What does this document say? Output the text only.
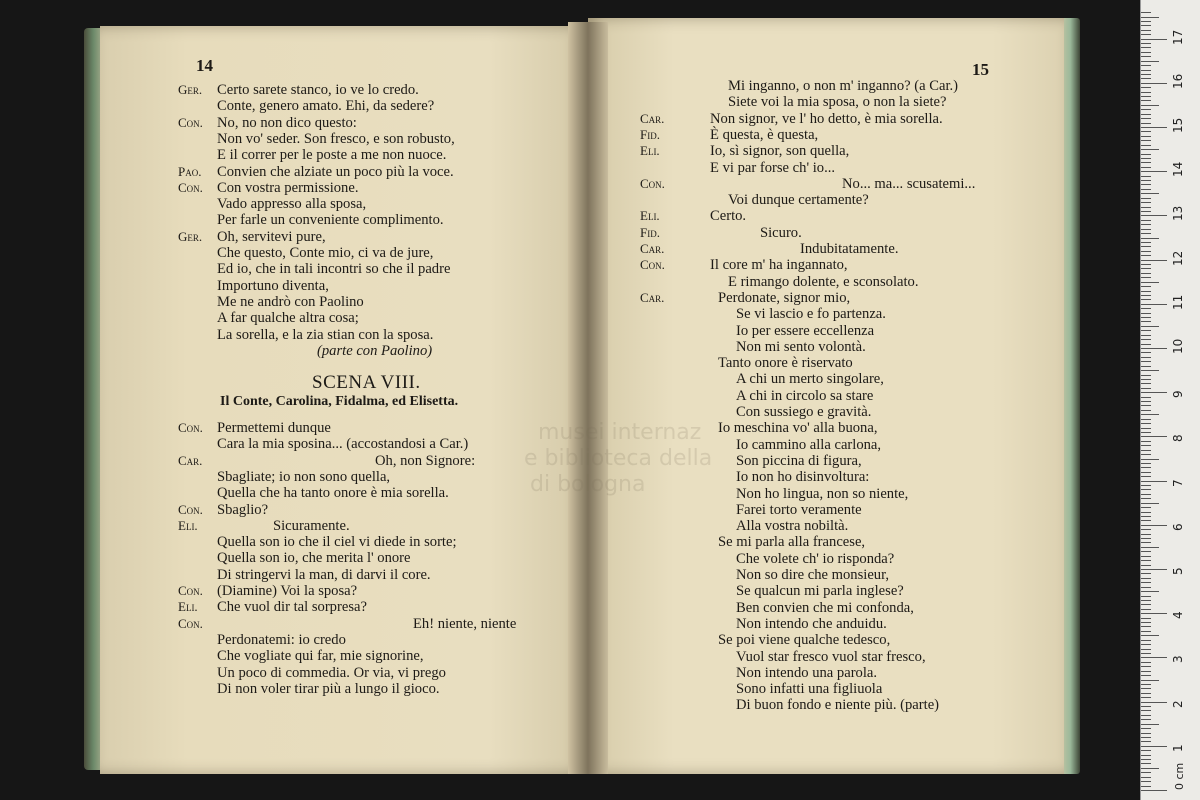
14
Ger. Certo sarete stanco, io ve lo credo.
Conte, genero amato. Ehi, da sedere?
Con. No, no non dico questo:
Non vo' seder. Son fresco, e son robusto,
E il correr per le poste a me non nuoce.
Pao. Convien che alziate un poco più la voce.
Con. Con vostra permissione.
Vado appresso alla sposa,
Per farle un conveniente complimento.
Ger. Oh, servitevi pure,
Che questo, Conte mio, ci va de jure,
Ed io, che in tali incontri so che il padre
Importuno diventa,
Me ne andrò con Paolino
A far qualche altra cosa;
La sorella, e la zia stian con la sposa.
(parte con Paolino)
SCENA VIII.
Il Conte, Carolina, Fidalma, ed Elisetta.
Con. Permettemi dunque
Cara la mia sposina... (accostandosi a Car.)
Car.	Oh, non Signore:
Sbagliate; io non sono quella,
Quella che ha tanto onore è mia sorella.
Con. Sbaglio?
Eli.	Sicuramente.
Quella son io che il ciel vi diede in sorte;
Quella son io, che merita l' onore
Di stringervi la man, di darvi il core.
Con. (Diamine) Voi la sposa?
Eli. Che vuol dir tal sorpresa?
Con.	Eh! niente, niente
Perdonatemi: io credo
Che vogliate qui far, mie signorine,
Un poco di commedia. Or via, vi prego
Di non voler tirar più a lungo il gioco.
15
Mi inganno, o non m' inganno? (a Car.)
Siete voi la mia sposa, o non la siete?
Car.	Non signor, ve l' ho detto, è mia sorella.
Fid.	È questa, è questa,
Eli.	Io, sì signor, son quella,
E vi par forse ch' io...
Con.	No... ma... scusatemi...
Voi dunque certamente?
Eli.	Certo.
Fid.	Sicuro.
Car.	Indubitatamente.
Con.	Il core m' ha ingannato,
E rimango dolente, e sconsolato.
Car.	Perdonate, signor mio,
Se vi lascio e fo partenza.
Io per essere eccellenza
Non mi sento volontà.
Tanto onore è riservato
A chi un merto singolare,
A chi in circolo sa stare
Con sussiego e gravità.
Io meschina vo' alla buona,
Io cammino alla carlona,
Son piccina di figura,
Io non ho disinvoltura:
Non ho lingua, non so niente,
Farei torto veramente
Alla vostra nobiltà.
Se mi parla alla francese,
Che volete ch' io risponda?
Non so dire che monsieur,
Se qualcun mi parla inglese?
Ben convien che mi confonda,
Non intendo che anduidu.
Se poi viene qualche tedesco,
Vuol star fresco vuol star fresco,
Non intendo una parola.
Sono infatti una figliuola
Di buon fondo e niente più. (parte)
musei internaz
e biblioteca della
di bologna
0 cm
1
2
3
4
5
6
7
8
9
10
11
12
13
14
15
16
17
